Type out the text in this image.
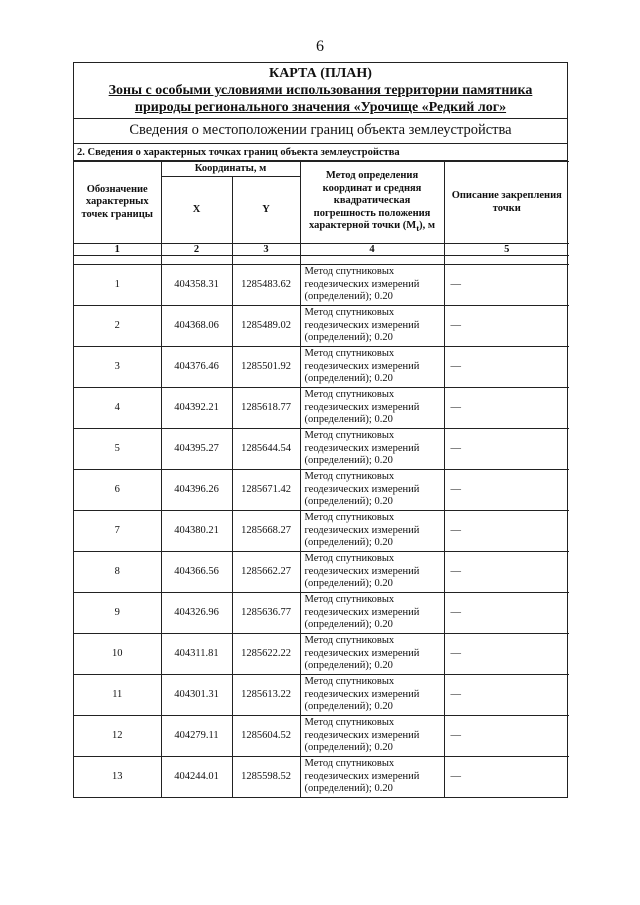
6
КАРТА (ПЛАН)
Зоны с особыми условиями использования территории памятника
природы регионального значения «Урочище «Редкий лог»
Сведения о местоположении границ объекта землеустройства
2. Сведения о характерных точках границ объекта землеустройства
Обозначение характерных точек границы	Координаты, м		Метод определения координат и средняя квадратическая погрешность положения характерной точки $(M_t)$, м	Описание закрепления точки
	X	Y		
1	2	3	4	5

1	404358.31	1285483.62	Метод спутниковых геодезических измерений (определений); 0.20	—
2	404368.06	1285489.02	Метод спутниковых геодезических измерений (определений); 0.20	—
3	404376.46	1285501.92	Метод спутниковых геодезических измерений (определений); 0.20	—
4	404392.21	1285618.77	Метод спутниковых геодезических измерений (определений); 0.20	—
5	404395.27	1285644.54	Метод спутниковых геодезических измерений (определений); 0.20	—
6	404396.26	1285671.42	Метод спутниковых геодезических измерений (определений); 0.20	—
7	404380.21	1285668.27	Метод спутниковых геодезических измерений (определений); 0.20	—
8	404366.56	1285662.27	Метод спутниковых геодезических измерений (определений); 0.20	—
9	404326.96	1285636.77	Метод спутниковых геодезических измерений (определений); 0.20	—
10	404311.81	1285622.22	Метод спутниковых геодезических измерений (определений); 0.20	—
11	404301.31	1285613.22	Метод спутниковых геодезических измерений (определений); 0.20	—
12	404279.11	1285604.52	Метод спутниковых геодезических измерений (определений); 0.20	—
13	404244.01	1285598.52	Метод спутниковых геодезических измерений (определений); 0.20	—
